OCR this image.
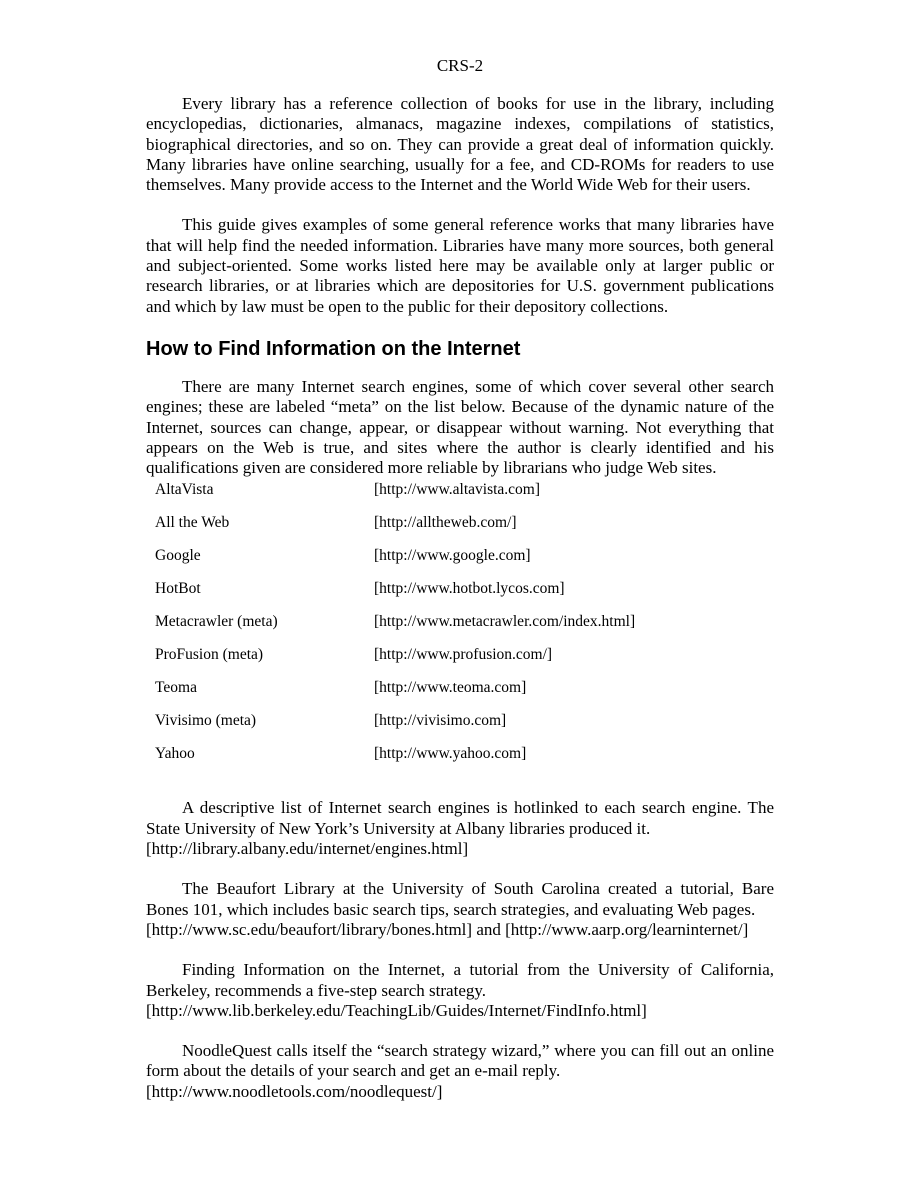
CRS-2

Every library has a reference collection of books for use in the library, including encyclopedias, dictionaries, almanacs, magazine indexes, compilations of statistics, biographical directories, and so on. They can provide a great deal of information quickly. Many libraries have online searching, usually for a fee, and CD-ROMs for readers to use themselves. Many provide access to the Internet and the World Wide Web for their users.

This guide gives examples of some general reference works that many libraries have that will help find the needed information. Libraries have many more sources, both general and subject-oriented. Some works listed here may be available only at larger public or research libraries, or at libraries which are depositories for U.S. government publications and which by law must be open to the public for their depository collections.

How to Find Information on the Internet

There are many Internet search engines, some of which cover several other search engines; these are labeled “meta” on the list below. Because of the dynamic nature of the Internet, sources can change, appear, or disappear without warning. Not everything that appears on the Web is true, and sites where the author is clearly identified and his qualifications given are considered more reliable by librarians who judge Web sites.

AltaVista	[http://www.altavista.com]
All the Web	[http://alltheweb.com/]
Google	[http://www.google.com]
HotBot	[http://www.hotbot.lycos.com]
Metacrawler (meta)	[http://www.metacrawler.com/index.html]
ProFusion (meta)	[http://www.profusion.com/]
Teoma	[http://www.teoma.com]
Vivisimo (meta)	[http://vivisimo.com]
Yahoo	[http://www.yahoo.com]

A descriptive list of Internet search engines is hotlinked to each search engine. The State University of New York’s University at Albany libraries produced it.
[http://library.albany.edu/internet/engines.html]

The Beaufort Library at the University of South Carolina created a tutorial, Bare Bones 101, which includes basic search tips, search strategies, and evaluating Web pages.
[http://www.sc.edu/beaufort/library/bones.html] and [http://www.aarp.org/learninternet/]

Finding Information on the Internet, a tutorial from the University of California, Berkeley, recommends a five-step search strategy.
[http://www.lib.berkeley.edu/TeachingLib/Guides/Internet/FindInfo.html]

NoodleQuest calls itself the “search strategy wizard,” where you can fill out an online form about the details of your search and get an e-mail reply.
[http://www.noodletools.com/noodlequest/]
